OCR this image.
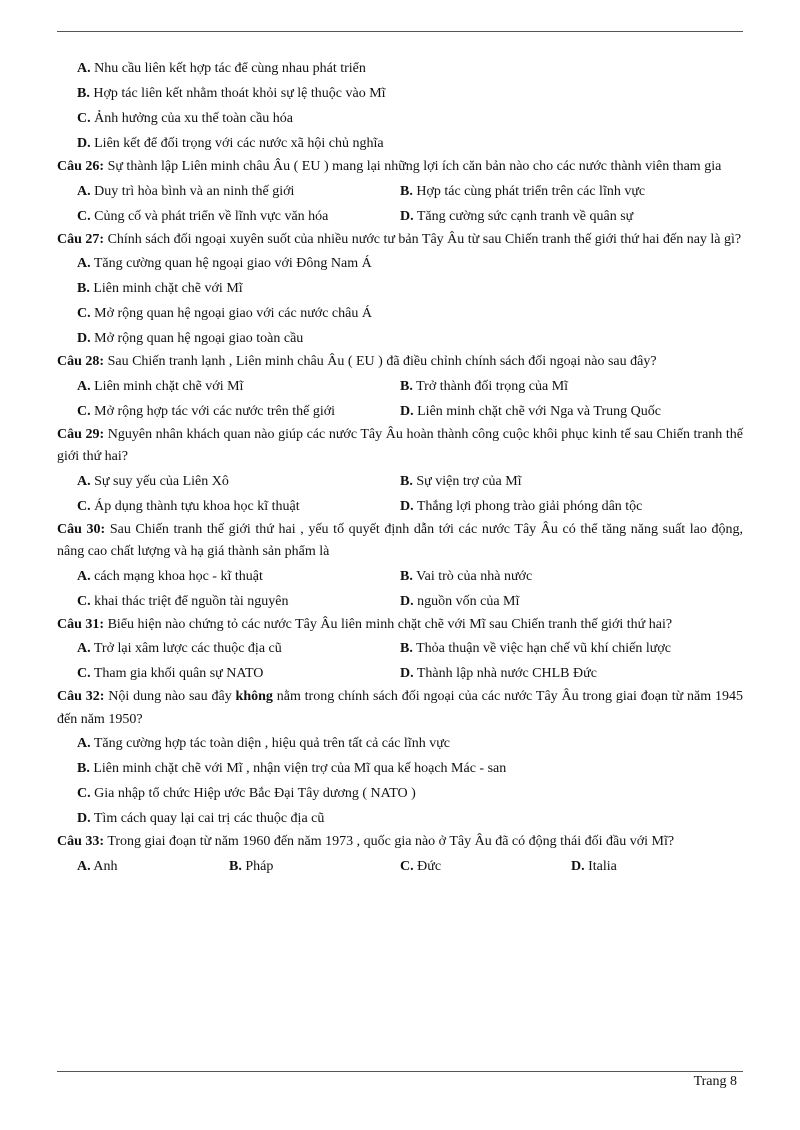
A. Nhu cầu liên kết hợp tác để cùng nhau phát triển
B. Hợp tác liên kết nhằm thoát khỏi sự lệ thuộc vào Mĩ
C. Ảnh hưởng của xu thế toàn cầu hóa
D. Liên kết để đối trọng với các nước xã hội chủ nghĩa

Câu 26: Sự thành lập Liên minh châu Âu ( EU ) mang lại những lợi ích căn bản nào cho các nước thành viên tham gia

A. Duy trì hòa bình và an ninh thế giới	B. Hợp tác cùng phát triển trên các lĩnh vực
C. Củng cố và phát triển về lĩnh vực văn hóa	D. Tăng cường sức cạnh tranh về quân sự

Câu 27: Chính sách đối ngoại xuyên suốt của nhiều nước tư bản Tây Âu từ sau Chiến tranh thế giới thứ hai đến nay là gì?

A. Tăng cường quan hệ ngoại giao với Đông Nam Á
B. Liên minh chặt chẽ với Mĩ
C. Mở rộng quan hệ ngoại giao với các nước châu Á
D. Mở rộng quan hệ ngoại giao toàn cầu

Câu 28: Sau Chiến tranh lạnh , Liên minh châu Âu ( EU ) đã điều chỉnh chính sách đối ngoại nào sau đây?

A. Liên minh chặt chẽ với Mĩ	B. Trở thành đối trọng của Mĩ
C. Mở rộng hợp tác với các nước trên thế giới	D. Liên minh chặt chẽ với Nga và Trung Quốc

Câu 29: Nguyên nhân khách quan nào giúp các nước Tây Âu hoàn thành công cuộc khôi phục kinh tế sau Chiến tranh thế giới thứ hai?

A. Sự suy yếu của Liên Xô	B. Sự viện trợ của Mĩ
C. Áp dụng thành tựu khoa học kĩ thuật	D. Thắng lợi phong trào giải phóng dân tộc

Câu 30: Sau Chiến tranh thế giới thứ hai , yếu tố quyết định dẫn tới các nước Tây Âu có thể tăng năng suất lao động, nâng cao chất lượng và hạ giá thành sản phẩm là

A. cách mạng khoa học - kĩ thuật	B. Vai trò của nhà nước
C. khai thác triệt để nguồn tài nguyên	D. nguồn vốn của Mĩ

Câu 31: Biểu hiện nào chứng tỏ các nước Tây Âu liên minh chặt chẽ với Mĩ sau Chiến tranh thế giới thứ hai?

A. Trở lại xâm lược các thuộc địa cũ	B. Thỏa thuận về việc hạn chế vũ khí chiến lược
C. Tham gia khối quân sự NATO	D. Thành lập nhà nước CHLB Đức

Câu 32: Nội dung nào sau đây không nằm trong chính sách đối ngoại của các nước Tây Âu trong giai đoạn từ năm 1945 đến năm 1950?

A. Tăng cường hợp tác toàn diện , hiệu quả trên tất cả các lĩnh vực
B. Liên minh chặt chẽ với Mĩ , nhận viện trợ của Mĩ qua kế hoạch Mác - san
C. Gia nhập tổ chức Hiệp ước Bắc Đại Tây dương ( NATO )
D. Tìm cách quay lại cai trị các thuộc địa cũ

Câu 33: Trong giai đoạn từ năm 1960 đến năm 1973 , quốc gia nào ở Tây Âu đã có động thái đối đầu với Mĩ?

A. Anh	B. Pháp	C. Đức	D. Italia
Trang 8
